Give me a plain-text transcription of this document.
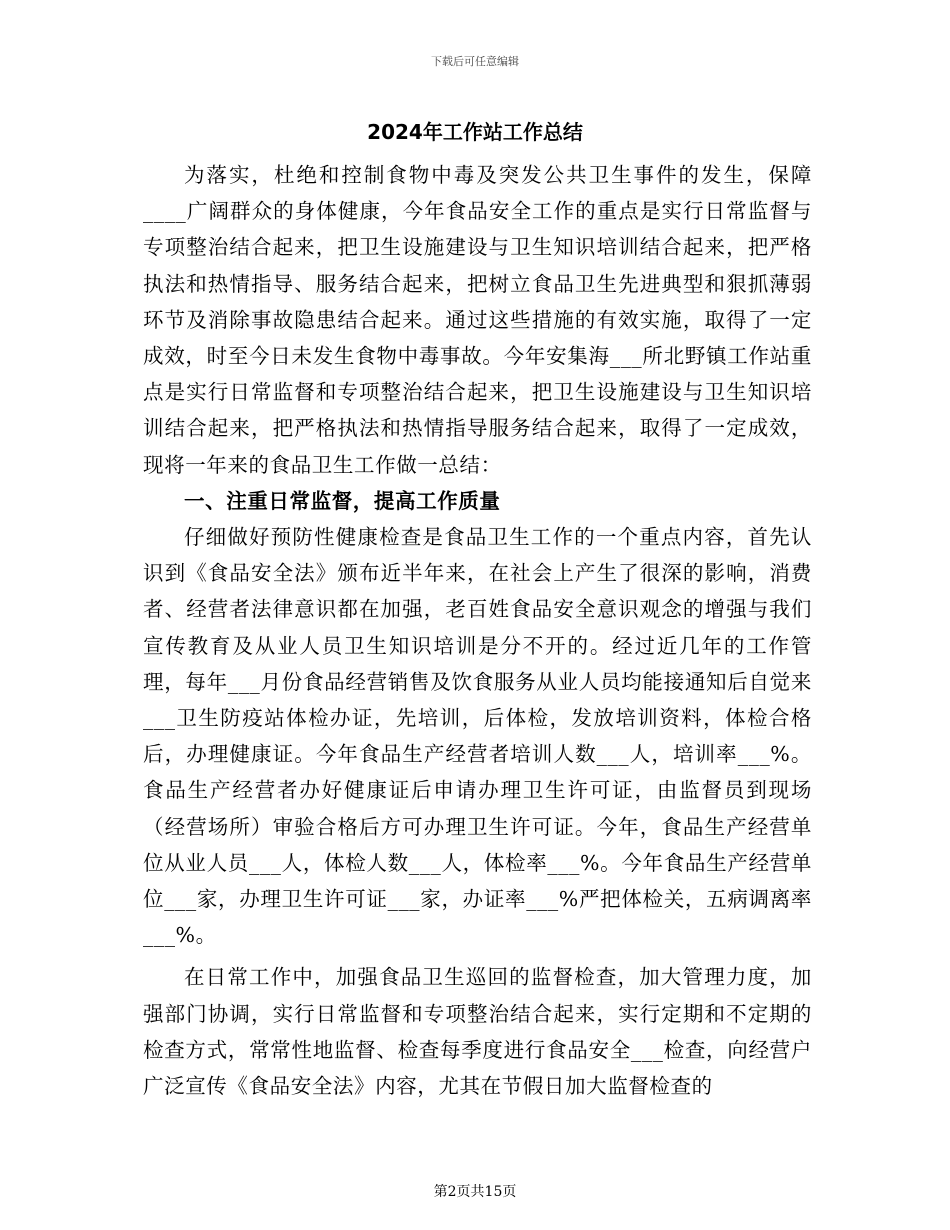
下载后可任意编辑
2024年工作站工作总结

为落实，杜绝和控制食物中毒及突发公共卫生事件的发生，保障____广阔群众的身体健康，今年食品安全工作的重点是实行日常监督与专项整治结合起来，把卫生设施建设与卫生知识培训结合起来，把严格执法和热情指导、服务结合起来，把树立食品卫生先进典型和狠抓薄弱环节及消除事故隐患结合起来。通过这些措施的有效实施，取得了一定成效，时至今日未发生食物中毒事故。今年安集海___所北野镇工作站重点是实行日常监督和专项整治结合起来，把卫生设施建设与卫生知识培训结合起来，把严格执法和热情指导服务结合起来，取得了一定成效，现将一年来的食品卫生工作做一总结：

一、注重日常监督，提高工作质量

仔细做好预防性健康检查是食品卫生工作的一个重点内容，首先认识到《食品安全法》颁布近半年来，在社会上产生了很深的影响，消费者、经营者法律意识都在加强，老百姓食品安全意识观念的增强与我们宣传教育及从业人员卫生知识培训是分不开的。经过近几年的工作管理，每年___月份食品经营销售及饮食服务从业人员均能接通知后自觉来___卫生防疫站体检办证，先培训，后体检，发放培训资料，体检合格后，办理健康证。今年食品生产经营者培训人数___人，培训率___%。食品生产经营者办好健康证后申请办理卫生许可证，由监督员到现场（经营场所）审验合格后方可办理卫生许可证。今年，食品生产经营单位从业人员___人，体检人数___人，体检率___%。今年食品生产经营单位___家，办理卫生许可证___家，办证率___%严把体检关，五病调离率___%。

在日常工作中，加强食品卫生巡回的监督检查，加大管理力度，加强部门协调，实行日常监督和专项整治结合起来，实行定期和不定期的检查方式，常常性地监督、检查每季度进行食品安全___检查，向经营户广泛宣传《食品安全法》内容，尤其在节假日加大监督检查的

第2页共15页
